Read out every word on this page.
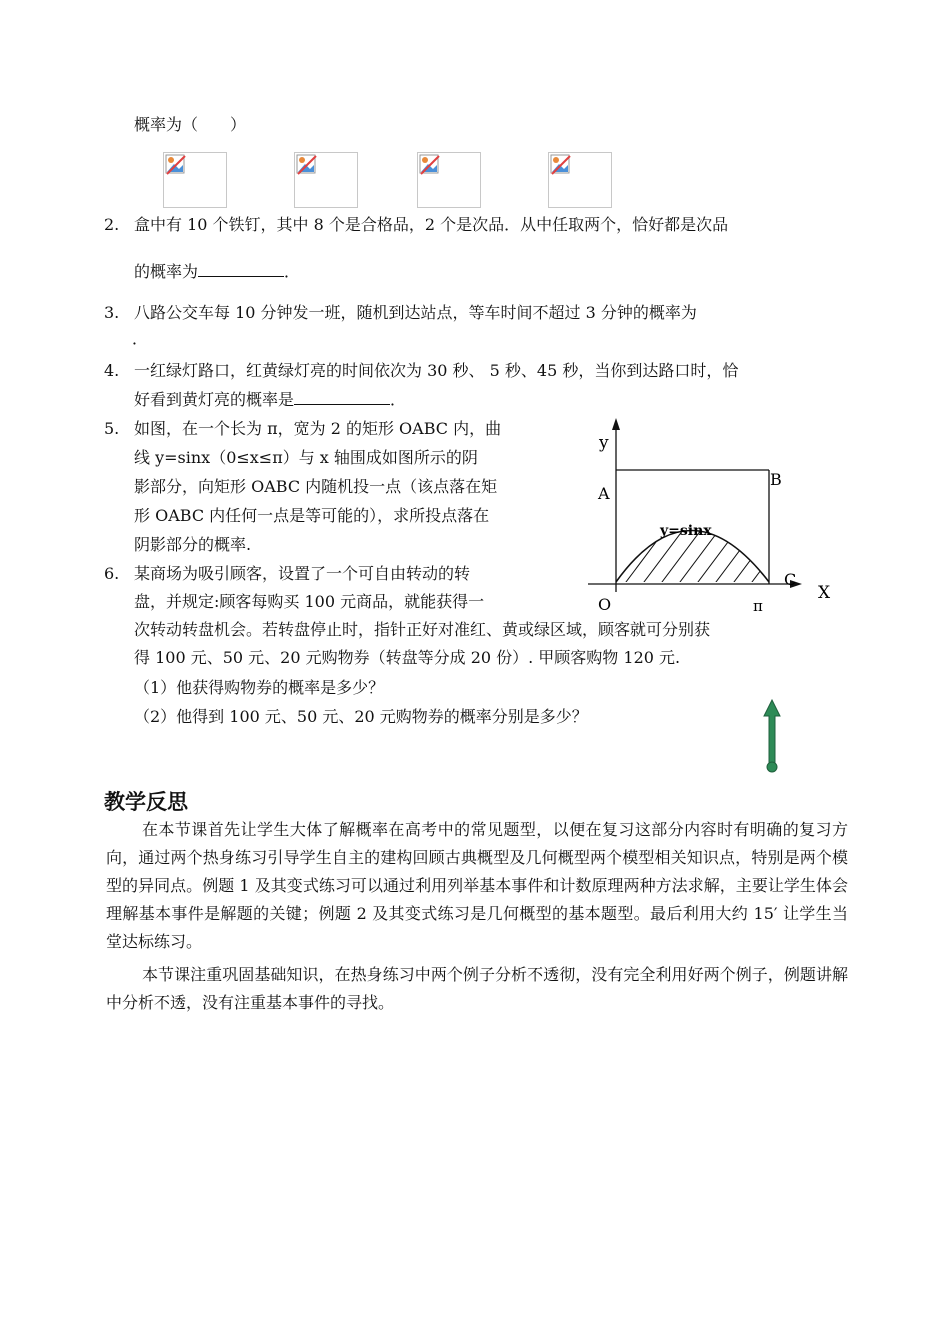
概率为（　　）
2. 盒中有 10 个铁钉，其中 8 个是合格品，2 个是次品．从中任取两个，恰好都是次品
的概率为	．
3. 八路公交车每 10 分钟发一班，随机到达站点，等车时间不超过 3 分钟的概率为
．
4. 一红绿灯路口，红黄绿灯亮的时间依次为 30 秒、 5 秒、45 秒，当你到达路口时，恰
好看到黄灯亮的概率是	．
5. 如图，在一个长为 π，宽为 2 的矩形 OABC 内，曲
线 y=sinx（0≤x≤π）与 x 轴围成如图所示的阴
影部分，向矩形 OABC 内随机投一点（该点落在矩
形 OABC 内任何一点是等可能的），求所投点落在
阴影部分的概率.
6. 某商场为吸引顾客，设置了一个可自由转动的转
盘，并规定:顾客每购买 100 元商品，就能获得一
次转动转盘机会。若转盘停止时，指针正好对准红、黄或绿区域，顾客就可分别获
得 100 元、50 元、20 元购物券（转盘等分成 20 份）. 甲顾客购物 120 元.
（1）他获得购物券的概率是多少？
（2）他得到 100 元、50 元、20 元购物券的概率分别是多少？
y
X
A
B
C
O	π
y=sinx
教学反思
在本节课首先让学生大体了解概率在高考中的常见题型，以便在复习这部分内容时有明确的复习方向，通过两个热身练习引导学生自主的建构回顾古典概型及几何概型两个模型相关知识点，特别是两个模型的异同点。例题 1 及其变式练习可以通过利用列举基本事件和计数原理两种方法求解，主要让学生体会理解基本事件是解题的关键；例题 2 及其变式练习是几何概型的基本题型。最后利用大约 15′ 让学生当堂达标练习。
本节课注重巩固基础知识，在热身练习中两个例子分析不透彻，没有完全利用好两个例子，例题讲解中分析不透，没有注重基本事件的寻找。
